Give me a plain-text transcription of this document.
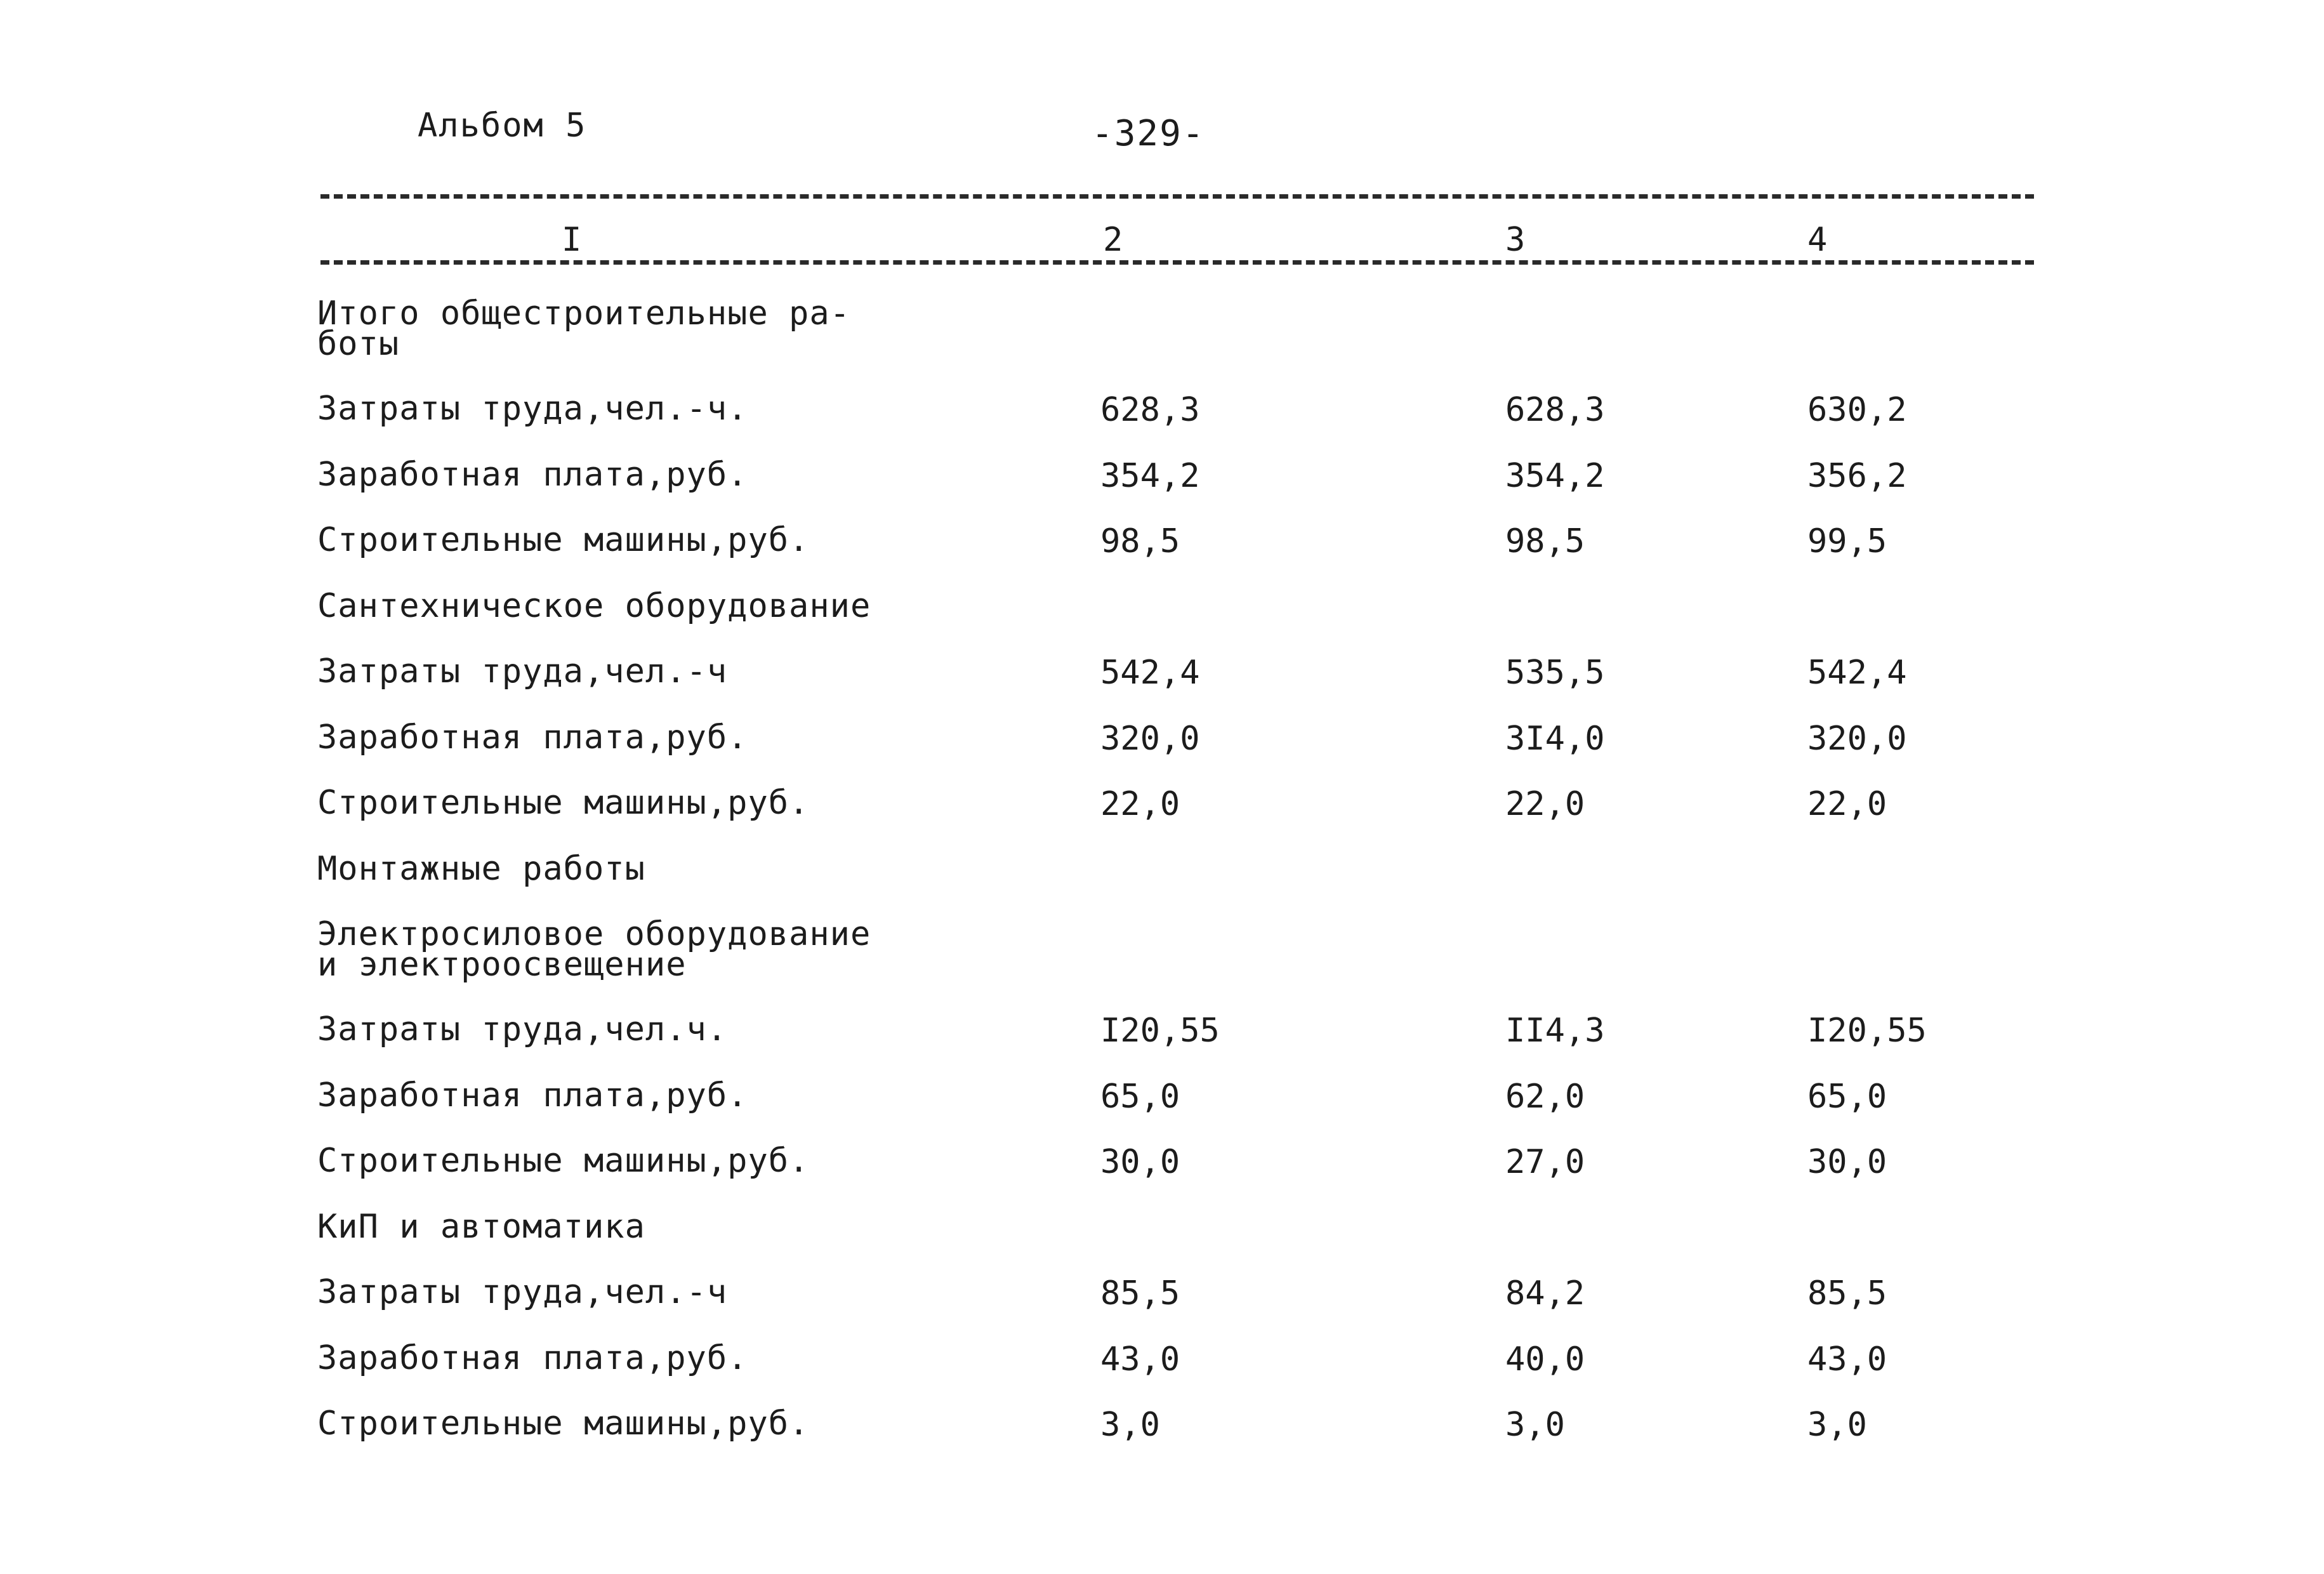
Альбом 5	-329-
I	2	3	4
Итого общестроительные ра-боты
Затраты труда,чел.-ч.	628,3	628,3	630,2
Заработная плата,руб.	354,2	354,2	356,2
Строительные машины,руб.	98,5	98,5	99,5
Сантехническое оборудование
Затраты труда,чел.-ч	542,4	535,5	542,4
Заработная плата,руб.	320,0	3I4,0	320,0
Строительные машины,руб.	22,0	22,0	22,0
Монтажные работы
Электросиловое оборудование и электроосвещение
Затраты труда,чел.ч.	I20,55	II4,3	I20,55
Заработная плата,руб.	65,0	62,0	65,0
Строительные машины,руб.	30,0	27,0	30,0
КиП и автоматика
Затраты труда,чел.-ч	85,5	84,2	85,5
Заработная плата,руб.	43,0	40,0	43,0
Строительные машины,руб.	3,0	3,0	3,0
